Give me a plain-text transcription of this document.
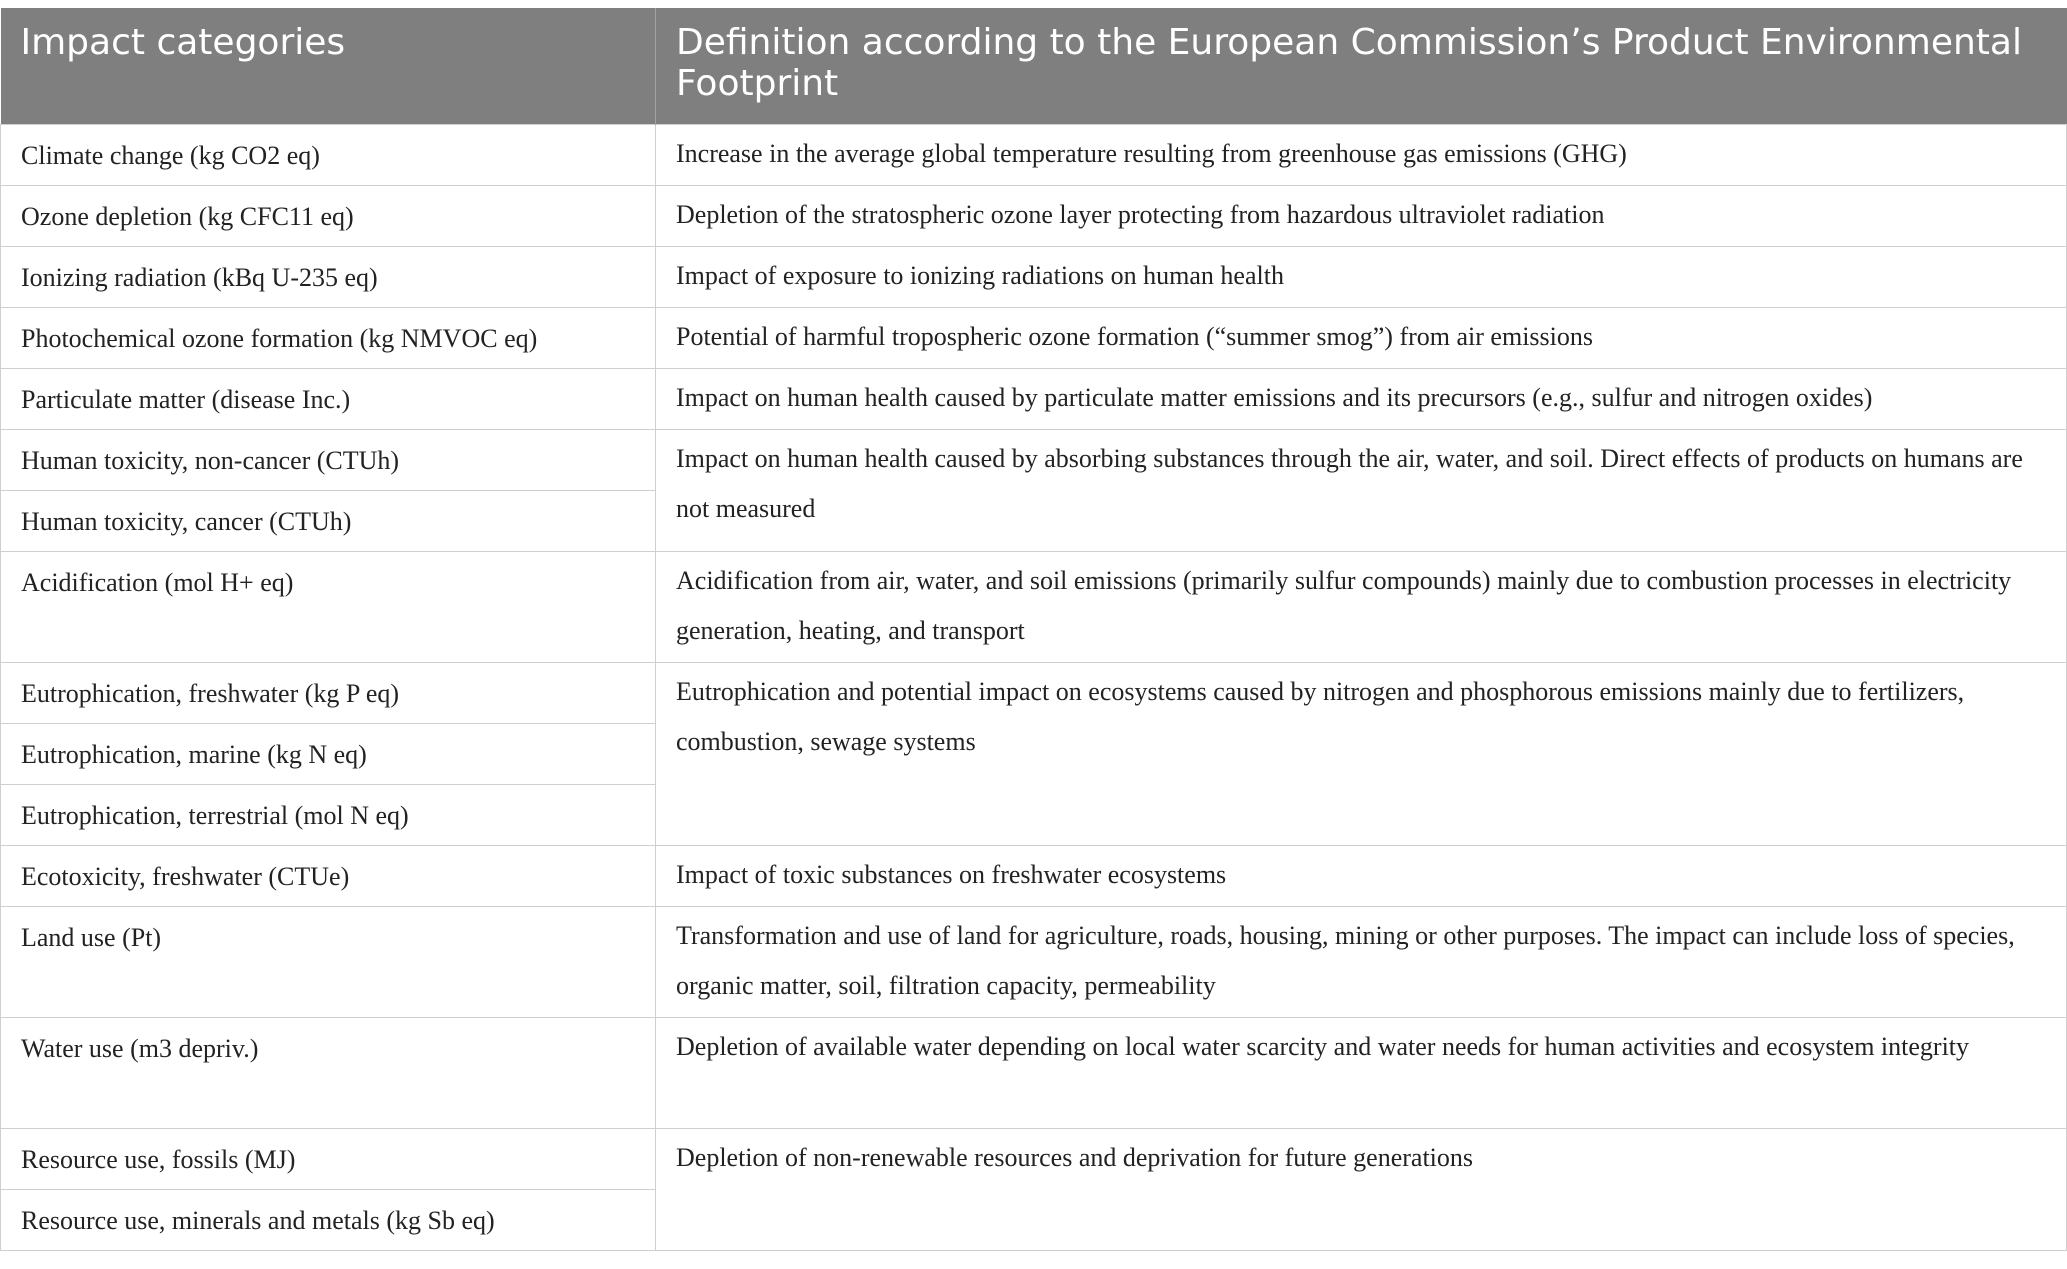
Impact categories	Definition according to the European Commission’s Product Environmental Footprint
Climate change (kg CO2 eq)	Increase in the average global temperature resulting from greenhouse gas emissions (GHG)
Ozone depletion (kg CFC11 eq)	Depletion of the stratospheric ozone layer protecting from hazardous ultraviolet radiation
Ionizing radiation (kBq U-235 eq)	Impact of exposure to ionizing radiations on human health
Photochemical ozone formation (kg NMVOC eq)	Potential of harmful tropospheric ozone formation (“summer smog”) from air emissions
Particulate matter (disease Inc.)	Impact on human health caused by particulate matter emissions and its precursors (e.g., sulfur and nitrogen oxides)
Human toxicity, non-cancer (CTUh)	Impact on human health caused by absorbing substances through the air, water, and soil. Direct effects of products on humans are not measured
Human toxicity, cancer (CTUh)	
Acidification (mol H+ eq)	Acidification from air, water, and soil emissions (primarily sulfur compounds) mainly due to combustion processes in electricity generation, heating, and transport
Eutrophication, freshwater (kg P eq)	Eutrophication and potential impact on ecosystems caused by nitrogen and phosphorous emissions mainly due to fertilizers, combustion, sewage systems
Eutrophication, marine (kg N eq)	
Eutrophication, terrestrial (mol N eq)	
Ecotoxicity, freshwater (CTUe)	Impact of toxic substances on freshwater ecosystems
Land use (Pt)	Transformation and use of land for agriculture, roads, housing, mining or other purposes. The impact can include loss of species, organic matter, soil, filtration capacity, permeability
Water use (m3 depriv.)	Depletion of available water depending on local water scarcity and water needs for human activities and ecosystem integrity
Resource use, fossils (MJ)	Depletion of non-renewable resources and deprivation for future generations
Resource use, minerals and metals (kg Sb eq)	
